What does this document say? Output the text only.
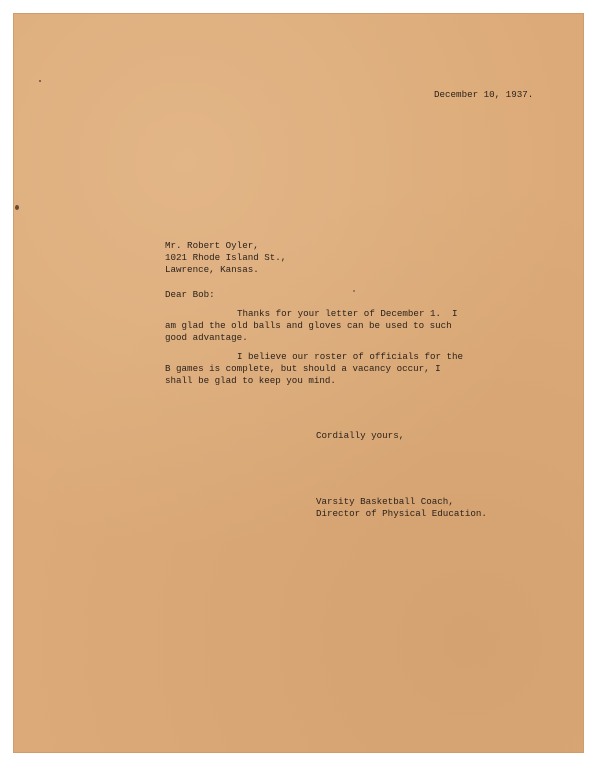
December 10, 1937.
Mr. Robert Oyler,
1021 Rhode Island St.,
Lawrence, Kansas.
Dear Bob:
Thanks for your letter of December 1.  I
am glad the old balls and gloves can be used to such
good advantage.
I believe our roster of officials for the
B games is complete, but should a vacancy occur, I
shall be glad to keep you mind.
Cordially yours,
Varsity Basketball Coach,
Director of Physical Education.
